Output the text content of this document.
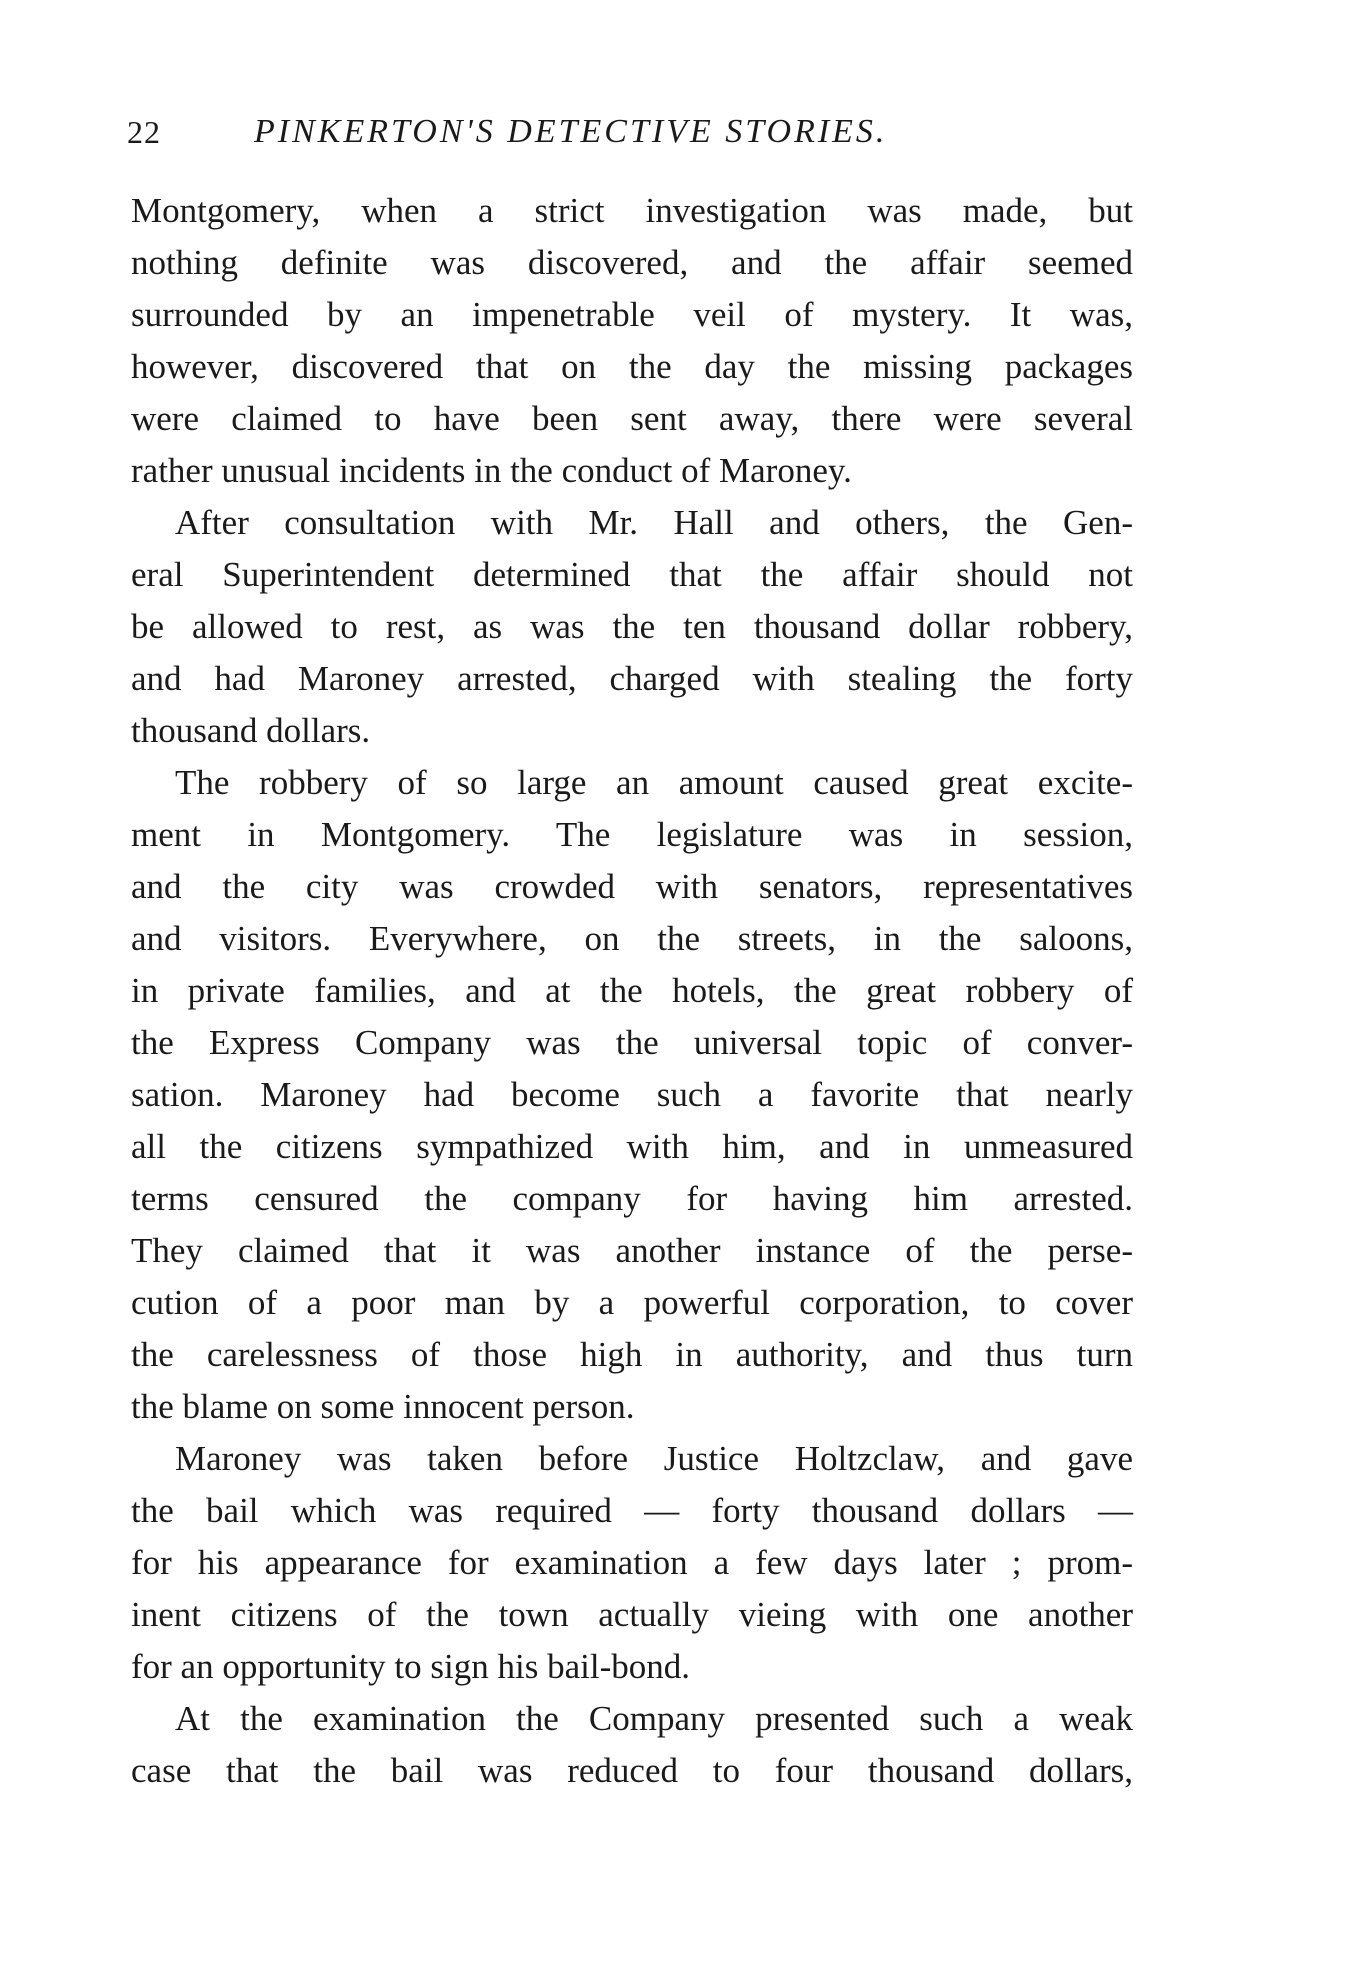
22	PINKERTON'S DETECTIVE STORIES.
Montgomery, when a strict investigation was made, but
nothing definite was discovered, and the affair seemed
surrounded by an impenetrable veil of mystery. It was,
however, discovered that on the day the missing packages
were claimed to have been sent away, there were several
rather unusual incidents in the conduct of Maroney.
After consultation with Mr. Hall and others, the Gen-
eral Superintendent determined that the affair should not
be allowed to rest, as was the ten thousand dollar robbery,
and had Maroney arrested, charged with stealing the forty
thousand dollars.
The robbery of so large an amount caused great excite-
ment in Montgomery. The legislature was in session,
and the city was crowded with senators, representatives
and visitors. Everywhere, on the streets, in the saloons,
in private families, and at the hotels, the great robbery of
the Express Company was the universal topic of conver-
sation. Maroney had become such a favorite that nearly
all the citizens sympathized with him, and in unmeasured
terms censured the company for having him arrested.
They claimed that it was another instance of the perse-
cution of a poor man by a powerful corporation, to cover
the carelessness of those high in authority, and thus turn
the blame on some innocent person.
Maroney was taken before Justice Holtzclaw, and gave
the bail which was required — forty thousand dollars —
for his appearance for examination a few days later ; prom-
inent citizens of the town actually vieing with one another
for an opportunity to sign his bail-bond.
At the examination the Company presented such a weak
case that the bail was reduced to four thousand dollars,
